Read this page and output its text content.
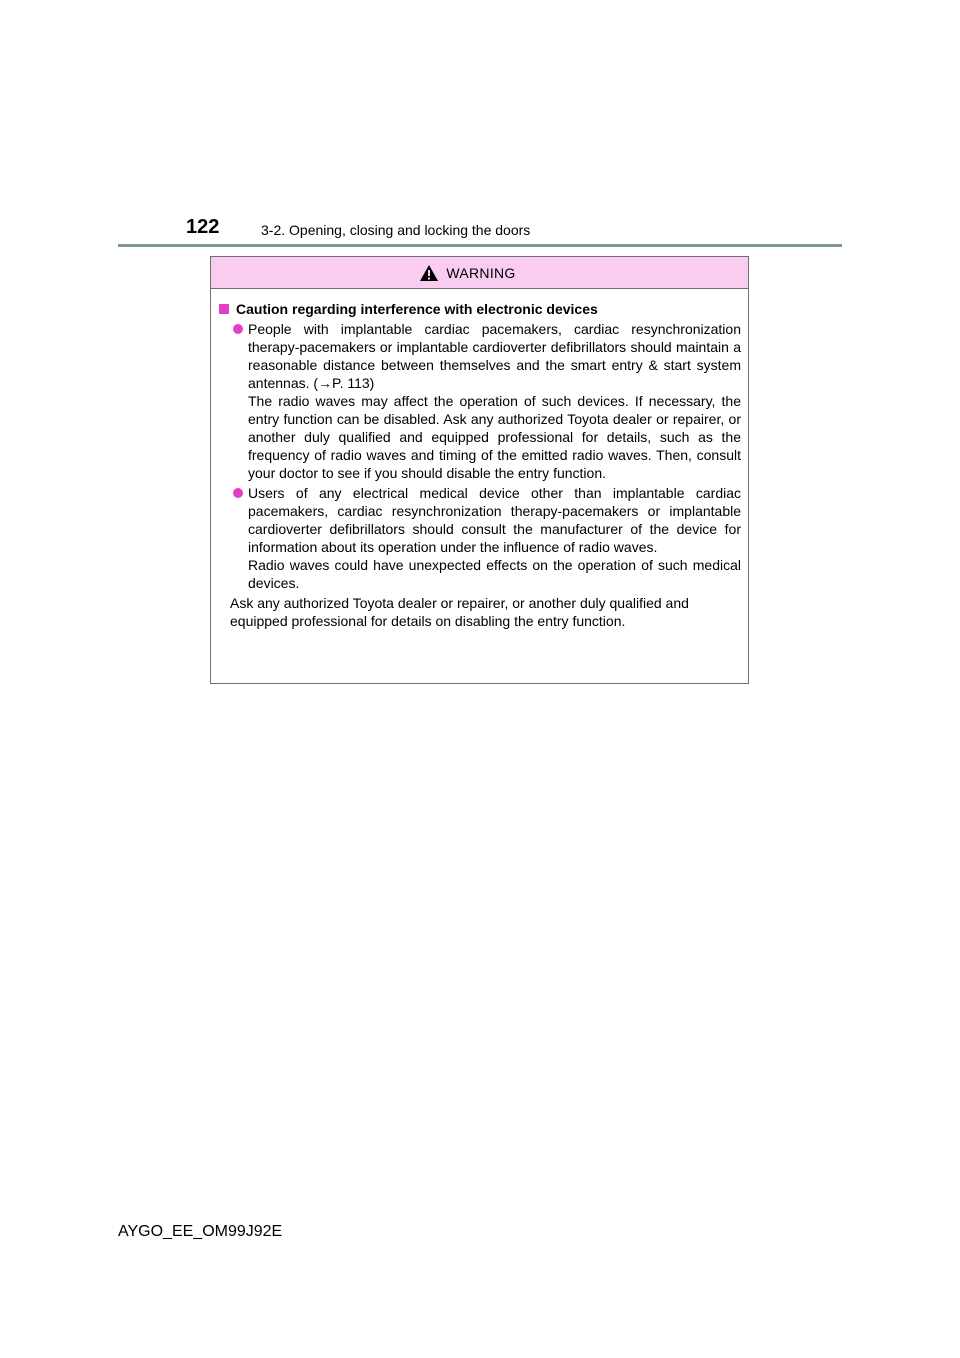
122	3-2. Opening, closing and locking the doors
WARNING
Caution regarding interference with electronic devices

People with implantable cardiac pacemakers, cardiac resynchronization therapy-pacemakers or implantable cardioverter defibrillators should maintain a reasonable distance between themselves and the smart entry & start system antennas. (→P. 113)

The radio waves may affect the operation of such devices. If necessary, the entry function can be disabled. Ask any authorized Toyota dealer or repairer, or another duly qualified and equipped professional for details, such as the frequency of radio waves and timing of the emitted radio waves. Then, consult your doctor to see if you should disable the entry function.

Users of any electrical medical device other than implantable cardiac pacemakers, cardiac resynchronization therapy-pacemakers or implantable cardioverter defibrillators should consult the manufacturer of the device for information about its operation under the influence of radio waves.

Radio waves could have unexpected effects on the operation of such medical devices.

Ask any authorized Toyota dealer or repairer, or another duly qualified and equipped professional for details on disabling the entry function.

AYGO_EE_OM99J92E
